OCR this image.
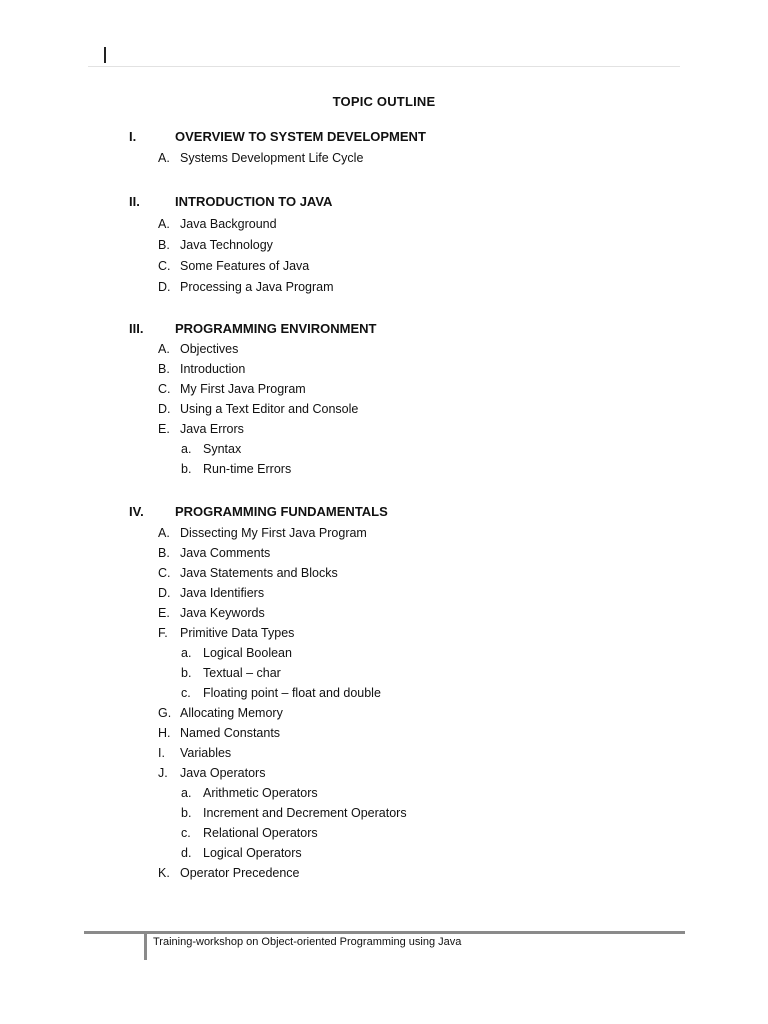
TOPIC OUTLINE
I.	OVERVIEW TO SYSTEM DEVELOPMENT
A. Systems Development Life Cycle
II.	INTRODUCTION TO JAVA
A. Java Background
B. Java Technology
C. Some Features of Java
D. Processing a Java Program
III. PROGRAMMING ENVIRONMENT
A. Objectives
B. Introduction
C. My First Java Program
D. Using a Text Editor and Console
E. Java Errors
a. Syntax
b. Run-time Errors
IV. PROGRAMMING FUNDAMENTALS
A. Dissecting My First Java Program
B. Java Comments
C. Java Statements and Blocks
D. Java Identifiers
E. Java Keywords
F. Primitive Data Types
a. Logical Boolean
b. Textual – char
c. Floating point – float and double
G. Allocating Memory
H. Named Constants
I. Variables
J. Java Operators
a. Arithmetic Operators
b. Increment and Decrement Operators
c. Relational Operators
d. Logical Operators
K. Operator Precedence
Training-workshop on Object-oriented Programming using Java
